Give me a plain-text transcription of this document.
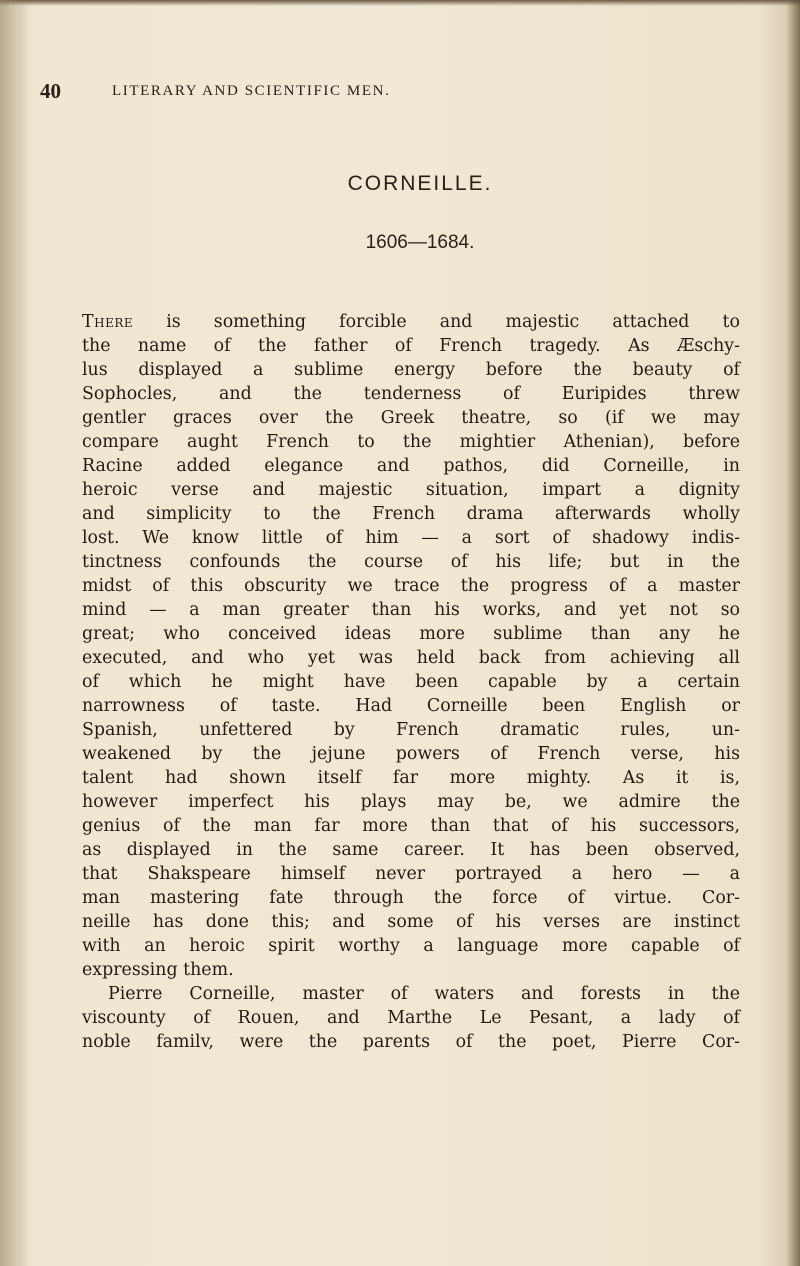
40	LITERARY AND SCIENTIFIC MEN.
CORNEILLE.
1606—1684.
There is something forcible and majestic attached to
the name of the father of French tragedy. As Æschy-
lus displayed a sublime energy before the beauty of
Sophocles, and the tenderness of Euripides threw
gentler graces over the Greek theatre, so (if we may
compare aught French to the mightier Athenian), before
Racine added elegance and pathos, did Corneille, in
heroic verse and majestic situation, impart a dignity
and simplicity to the French drama afterwards wholly
lost. We know little of him — a sort of shadowy indis-
tinctness confounds the course of his life; but in the
midst of this obscurity we trace the progress of a master
mind — a man greater than his works, and yet not so
great; who conceived ideas more sublime than any he
executed, and who yet was held back from achieving all
of which he might have been capable by a certain
narrowness of taste. Had Corneille been English or
Spanish, unfettered by French dramatic rules, un-
weakened by the jejune powers of French verse, his
talent had shown itself far more mighty. As it is,
however imperfect his plays may be, we admire the
genius of the man far more than that of his successors,
as displayed in the same career. It has been observed,
that Shakspeare himself never portrayed a hero — a
man mastering fate through the force of virtue. Cor-
neille has done this; and some of his verses are instinct
with an heroic spirit worthy a language more capable of
expressing them.
Pierre Corneille, master of waters and forests in the
viscounty of Rouen, and Marthe Le Pesant, a lady of
noble familv, were the parents of the poet, Pierre Cor-
